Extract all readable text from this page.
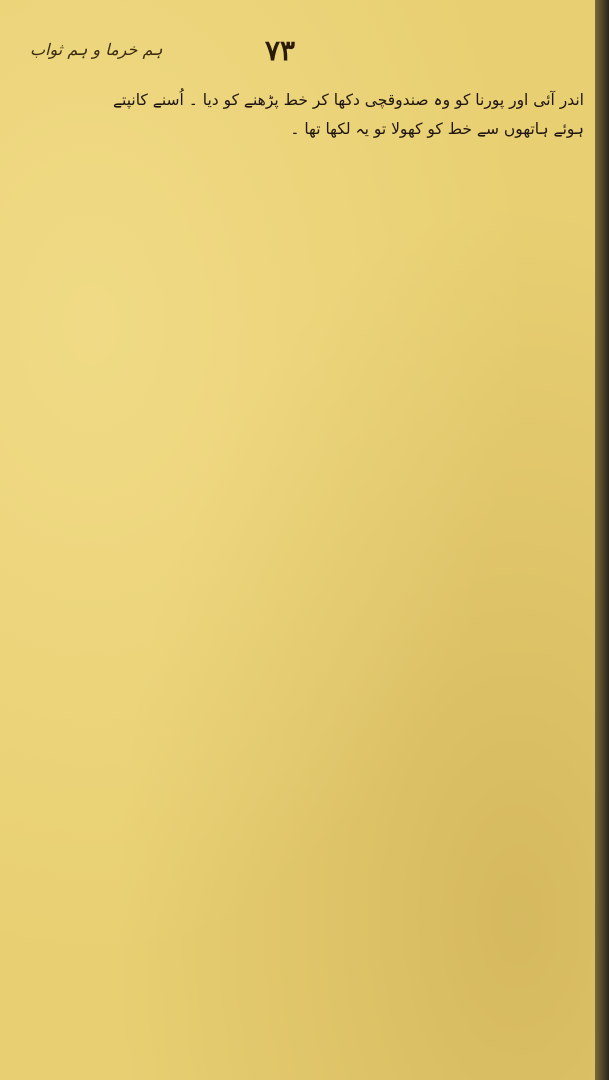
ہم خرما و ہم ثواب	۷۳
اندر آئی اور پورنا کو وہ صندوقچی دکھا کر خط پڑھنے کو دیا ۔ اُسنے کانپتے
ہوئے ہاتھوں سے خط کو کھولا تو یہ لکھا تھا ۔
